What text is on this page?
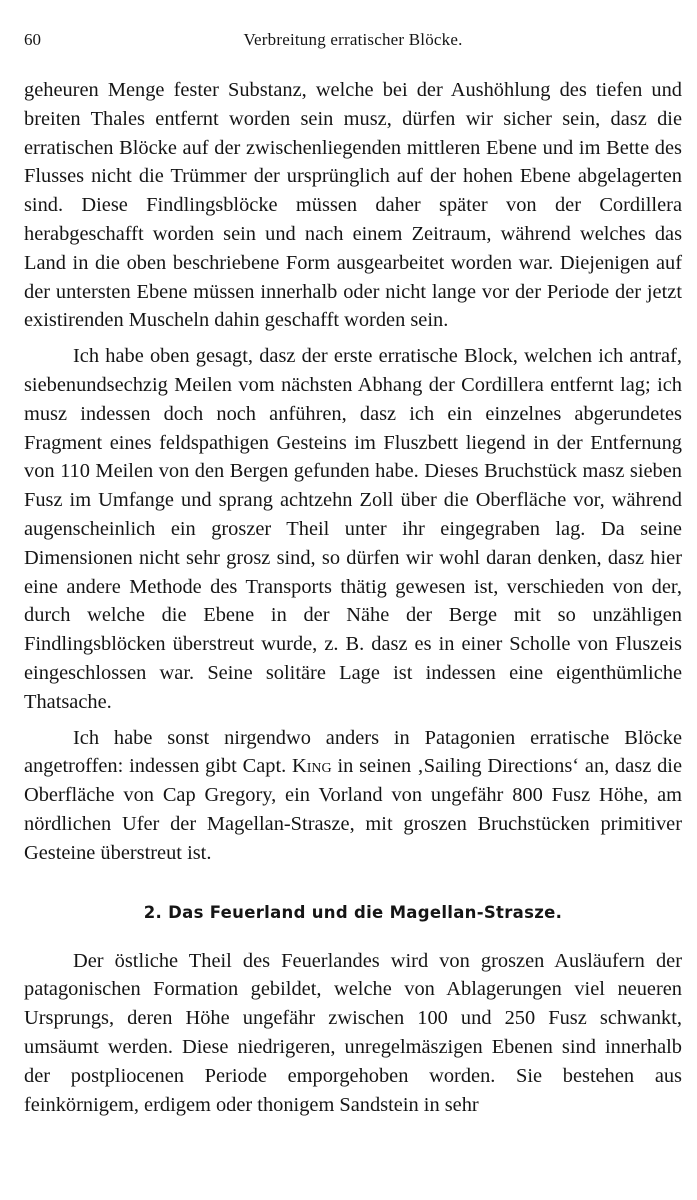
60	Verbreitung erratischer Blöcke.

geheuren Menge fester Substanz, welche bei der Aushöhlung des tiefen und breiten Thales entfernt worden sein musz, dürfen wir sicher sein, dasz die erratischen Blöcke auf der zwischenliegenden mittleren Ebene und im Bette des Flusses nicht die Trümmer der ursprünglich auf der hohen Ebene abgelagerten sind. Diese Findlingsblöcke müssen daher später von der Cordillera herabgeschafft worden sein und nach einem Zeitraum, während welches das Land in die oben beschriebene Form ausgearbeitet worden war. Diejenigen auf der untersten Ebene müssen innerhalb oder nicht lange vor der Periode der jetzt existirenden Muscheln dahin geschafft worden sein.

Ich habe oben gesagt, dasz der erste erratische Block, welchen ich antraf, siebenundsechzig Meilen vom nächsten Abhang der Cordillera entfernt lag; ich musz indessen doch noch anführen, dasz ich ein einzelnes abgerundetes Fragment eines feldspathigen Gesteins im Fluszbett liegend in der Entfernung von 110 Meilen von den Bergen gefunden habe. Dieses Bruchstück masz sieben Fusz im Umfange und sprang achtzehn Zoll über die Oberfläche vor, während augenscheinlich ein groszer Theil unter ihr eingegraben lag. Da seine Dimensionen nicht sehr grosz sind, so dürfen wir wohl daran denken, dasz hier eine andere Methode des Transports thätig gewesen ist, verschieden von der, durch welche die Ebene in der Nähe der Berge mit so unzähligen Findlingsblöcken überstreut wurde, z. B. dasz es in einer Scholle von Fluszeis eingeschlossen war. Seine solitäre Lage ist indessen eine eigenthümliche Thatsache.

Ich habe sonst nirgendwo anders in Patagonien erratische Blöcke angetroffen: indessen gibt Capt. King in seinen ‚Sailing Directions‘ an, dasz die Oberfläche von Cap Gregory, ein Vorland von ungefähr 800 Fusz Höhe, am nördlichen Ufer der Magellan-Strasze, mit groszen Bruchstücken primitiver Gesteine überstreut ist.

2. Das Feuerland und die Magellan-Strasze.

Der östliche Theil des Feuerlandes wird von groszen Ausläufern der patagonischen Formation gebildet, welche von Ablagerungen viel neueren Ursprungs, deren Höhe ungefähr zwischen 100 und 250 Fusz schwankt, umsäumt werden. Diese niedrigeren, unregelmäszigen Ebenen sind innerhalb der postpliocenen Periode emporgehoben worden. Sie bestehen aus feinkörnigem, erdigem oder thonigem Sandstein in sehr
